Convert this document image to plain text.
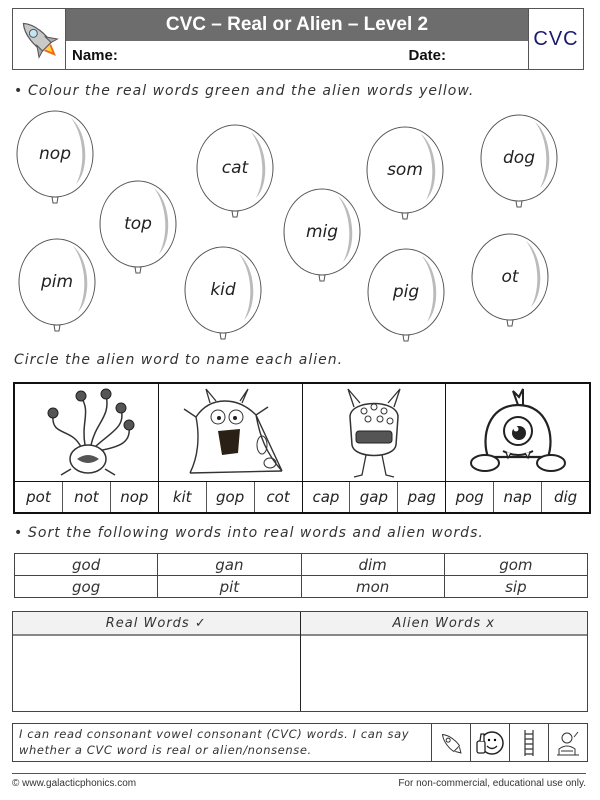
CVC – Real or Alien – Level 2
Name:	Date:
CVC
• Colour the real words green and the alien words yellow.
nop
top
pim
cat
kid
mig
som
pig
dog
ot
Circle the alien word to name each alien.
pot	not	nop	kit	gop	cot	cap	gap	pag	pog	nap	dig
• Sort the following words into real words and alien words.
god	gan	dim	gom
gog	pit	mon	sip
Real Words ✓	Alien Words x
I can read consonant vowel consonant (CVC) words. I can say whether a CVC word is real or alien/nonsense.
© www.galacticphonics.com	For non-commercial, educational use only.
